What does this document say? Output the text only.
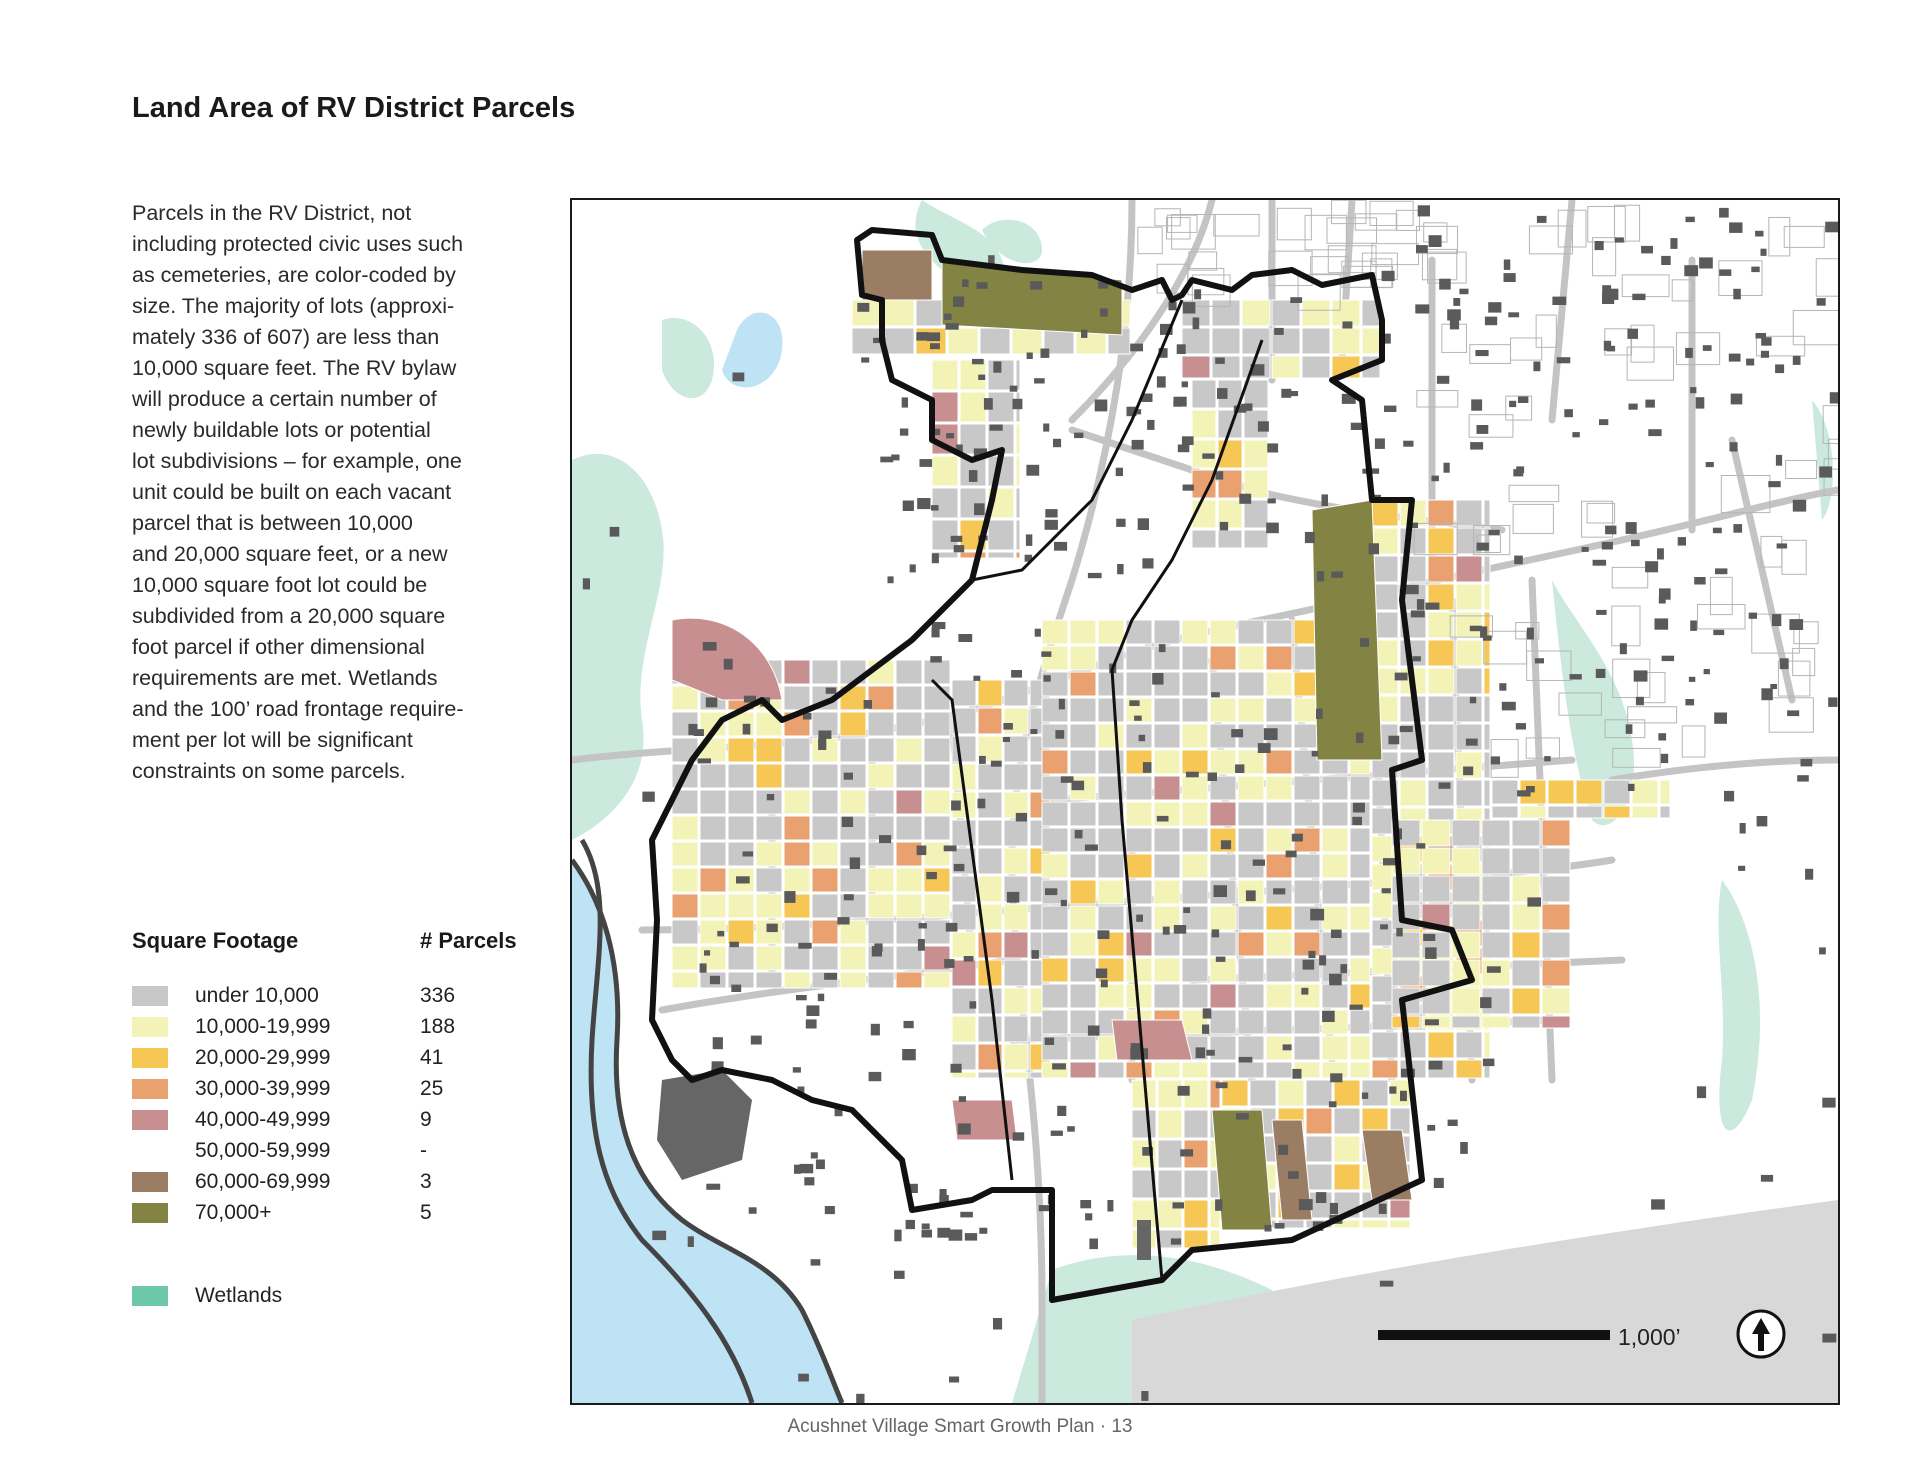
Land Area of RV District Parcels
Parcels in the RV District, not
including protected civic uses such
as cemeteries, are color-coded by
size. The majority of lots (approxi-
mately 336 of 607) are less than
10,000 square feet. The RV bylaw
will produce a certain number of
newly buildable lots or potential
lot subdivisions – for example, one
unit could be built on each vacant
parcel that is between 10,000
and 20,000 square feet, or a new
10,000 square foot lot could be
subdivided from a 20,000 square
foot parcel if other dimensional
requirements are met. Wetlands
and the 100’ road frontage require-
ment per lot will be significant
constraints on some parcels.
Square Footage	# Parcels
under 10,000	336
10,000-19,999	188
20,000-29,999	41
30,000-39,999	25
40,000-49,999	9
50,000-59,999	-
60,000-69,999	3
70,000+	5
Wetlands
1,000’
Acushnet Village Smart Growth Plan · 13
